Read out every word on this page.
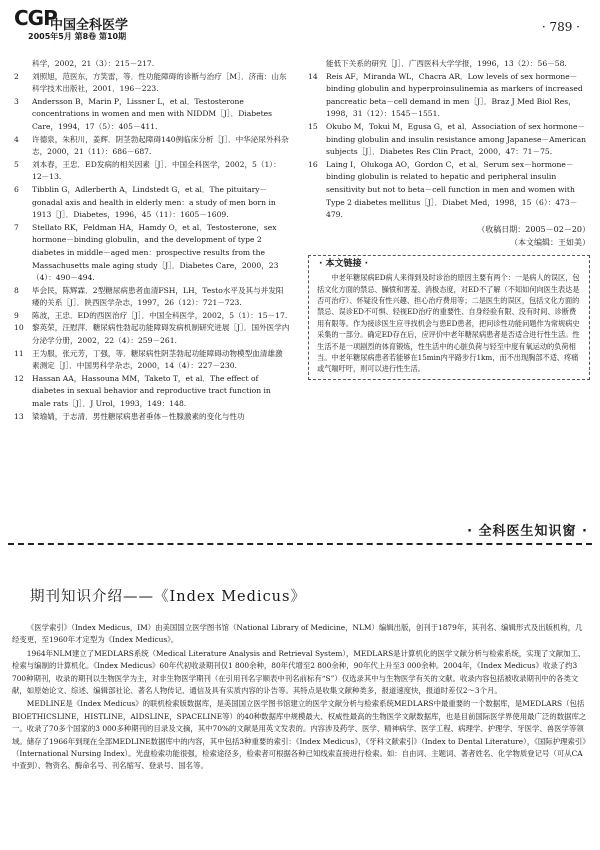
CGP
中国全科医学
2005年5月 第8卷 第10期
· 789 ·
科学，2002，21（3）：215－217.
2 刘照旭，范医东，方笑雷，等．性功能障碍的诊断与治疗［M］．济南：山东科学技术出版社，2001．196－223.
3 Andersson B，Marin P，Lissner L，et al．Testosterone concentrations in women and men with NIDDM［J］．Diabetes Care，1994，17（5）：405－411.
4 许德泉，朱积川，姜辉．阴茎勃起障碍140例临床分析［J］．中华泌尿外科杂志，2000，21（11）：686－687.
5 刘本春，王忠．ED发病的相关因素［J］．中国全科医学，2002，5（1）：12－13.
6 Tibblin G，Adlerberth A，Lindstedt G，et al．The pituitary－gonadal axis and health in elderly men：a study of men born in 1913［J］．Diabetes，1996，45（11）：1605－1609.
7 Stellato RK，Feldman HA，Hamdy O，et al．Testosterone，sex hormone－binding globulin，and the development of type 2 diabetes in middle－aged men：prospective results from the Massachusetts male aging study［J］．Diabetes Care，2000，23（4）：490－494.
8 毕会民，陈辉霖．2型糖尿病患者血清FSH，LH，Testo水平及其与并发阳痿的关系［J］．陕西医学杂志，1997，26（12）：721－723.
9 陈波，王忠．ED的西医治疗［J］．中国全科医学，2002，5（1）：15－17.
10 黎英荣，汪慰萍．糖尿病性勃起功能障碍发病机制研究进展［J］．国外医学内分泌学分册，2002，22（4）：259－261.
11 王为服，张元芳，丁强，等．糖尿病性阴茎勃起功能障碍动物模型血清雄激素测定［J］．中国男科学杂志，2000，14（4）：227－230.
12 Hassan AA，Hassouna MM，Taketo T，et al．The effect of diabetes in sexual behavior and reproductive tract function in male rats［J］．J Urol，1993，149：148.
13 梁瑜婧，于志清．男性糖尿病患者垂体－性腺激素的变化与性功
能低下关系的研究［J］．广西医科大学学报，1996，13（2）：56－58.
14 Reis AF，Miranda WL，Chacra AR．Low levels of sex hormone－binding globulin and hyperproinsulinemia as markers of increased pancreatic beta－cell demand in men［J］．Braz J Med Biol Res，1998，31（12）：1545－1551.
15 Okubo M，Tokui M，Egusa G，et al．Association of sex hormone－binding globulin and insulin resistance among Japanese－American subjects［J］．Diabetes Res Clin Pract，2000，47：71－75.
16 Laing I，Olukoga AO，Gordon C，et al．Serum sex－hormone－binding globulin is related to hepatic and peripheral insulin sensitivity but not to beta－cell function in men and women with Type 2 diabetes mellitus［J］．Diabet Med，1998，15（6）：473－479.
（收稿日期：2005－02－20）
（本文编辑：王如美）
· 本文链接 ·
中老年糖尿病ED病人来得到及时诊治的原因主要有两个：一是病人的误区，包括文化方面的禁忌、臊愤和害羞、消极态度，对ED不了解（不知如何向医生表达是否可治疗）、怀疑没有性兴趣、担心治疗费用等；二是医生的误区，包括文化方面的禁忌、误诊ED不可惧、轻视ED治疗的重要性、自身经验有限、没有时间、诊断费用有限等。作为接诊医生应寻找机会与患ED患者，把问诊性功能问题作为常规病史采集的一部分。确定ED存在后，应评价中老年糖尿病患者是否适合进行性生活。性生活不是一项剧烈的体育锻炼，性生活中的心脏负荷与轻至中度有氧运动的负荷相当。中老年糖尿病患者若能够在15min内平路步行1km，而不出现胸部不适、疼痛或气喘吁吁，则可以进行性生活。
· 全科医生知识窗 ·
期刊知识介绍——《Index Medicus》

《医学索引》（Index Medicus，IM）由美国国立医学图书馆（National Library of Medicine，NLM）编辑出版，创刊于1879年，其刊名、编辑形式及出版机构，几经变更，至1960年才定型为《Index Medicus》。

1964年NLM建立了MEDLARS系统（Medical Literature Analysis and Retrieval System），MEDLARS是计算机化的医学文献分析与检索系统，实现了文献加工、检索与编制的计算机化。《Index Medicus》60年代初收录期刊仅1 800余种，80年代增至2 800余种，90年代上升至3 000余种。2004年，《Index Medicus》收录了约3 700种期刊，收录的期刊以生物医学为主，对非生物医学期刊（在引用刊名字顺表中刊名前标有“S”）仅选录其中与生物医学有关的文献。收录内容包括被收录期刊中的各类文献，如原始论文、综述、编辑部社论、著名人物传记、通信及具有实质内容的讣告等。其特点是收集文献种类多，报道速度快，报道时差仅2～3个月。

MEDLINE是《Index Medicus》的联机检索版数据库，是美国国立医学图书馆建立的医学文献分析与检索系统MEDLARS中最重要的一个数据库，是MEDLARS（包括BIOETHICSLINE，HISTLINE，AIDSLINE，SPACELINE等）的40种数据库中规模最大、权威性最高的生物医学文献数据库，也是目前国际医学界使用最广泛的数据库之一。收录了70多个国家的3 000多种期刊的目录及文摘，其中70%的文献是用英文发表的。内容涉及药学、医学、精神病学、医学工程、病理学、护理学、牙医学、兽医学等领域。储存了1966年到现在全部MEDLINE数据库中的内容，其中包括3种重要的索引：《Index Medicus》，《牙科文献索引》（Index to Dental Literature），《国际护理索引》（International Nursing Index）。光盘检索功能很强，检索途径多，检索者可根据各种已知线索直接进行检索。如：自由词、主题词、著者姓名、化学物质登记号（可从CA中查到）、物资名、酶命名号、刊名缩写、登录号、国名等。
